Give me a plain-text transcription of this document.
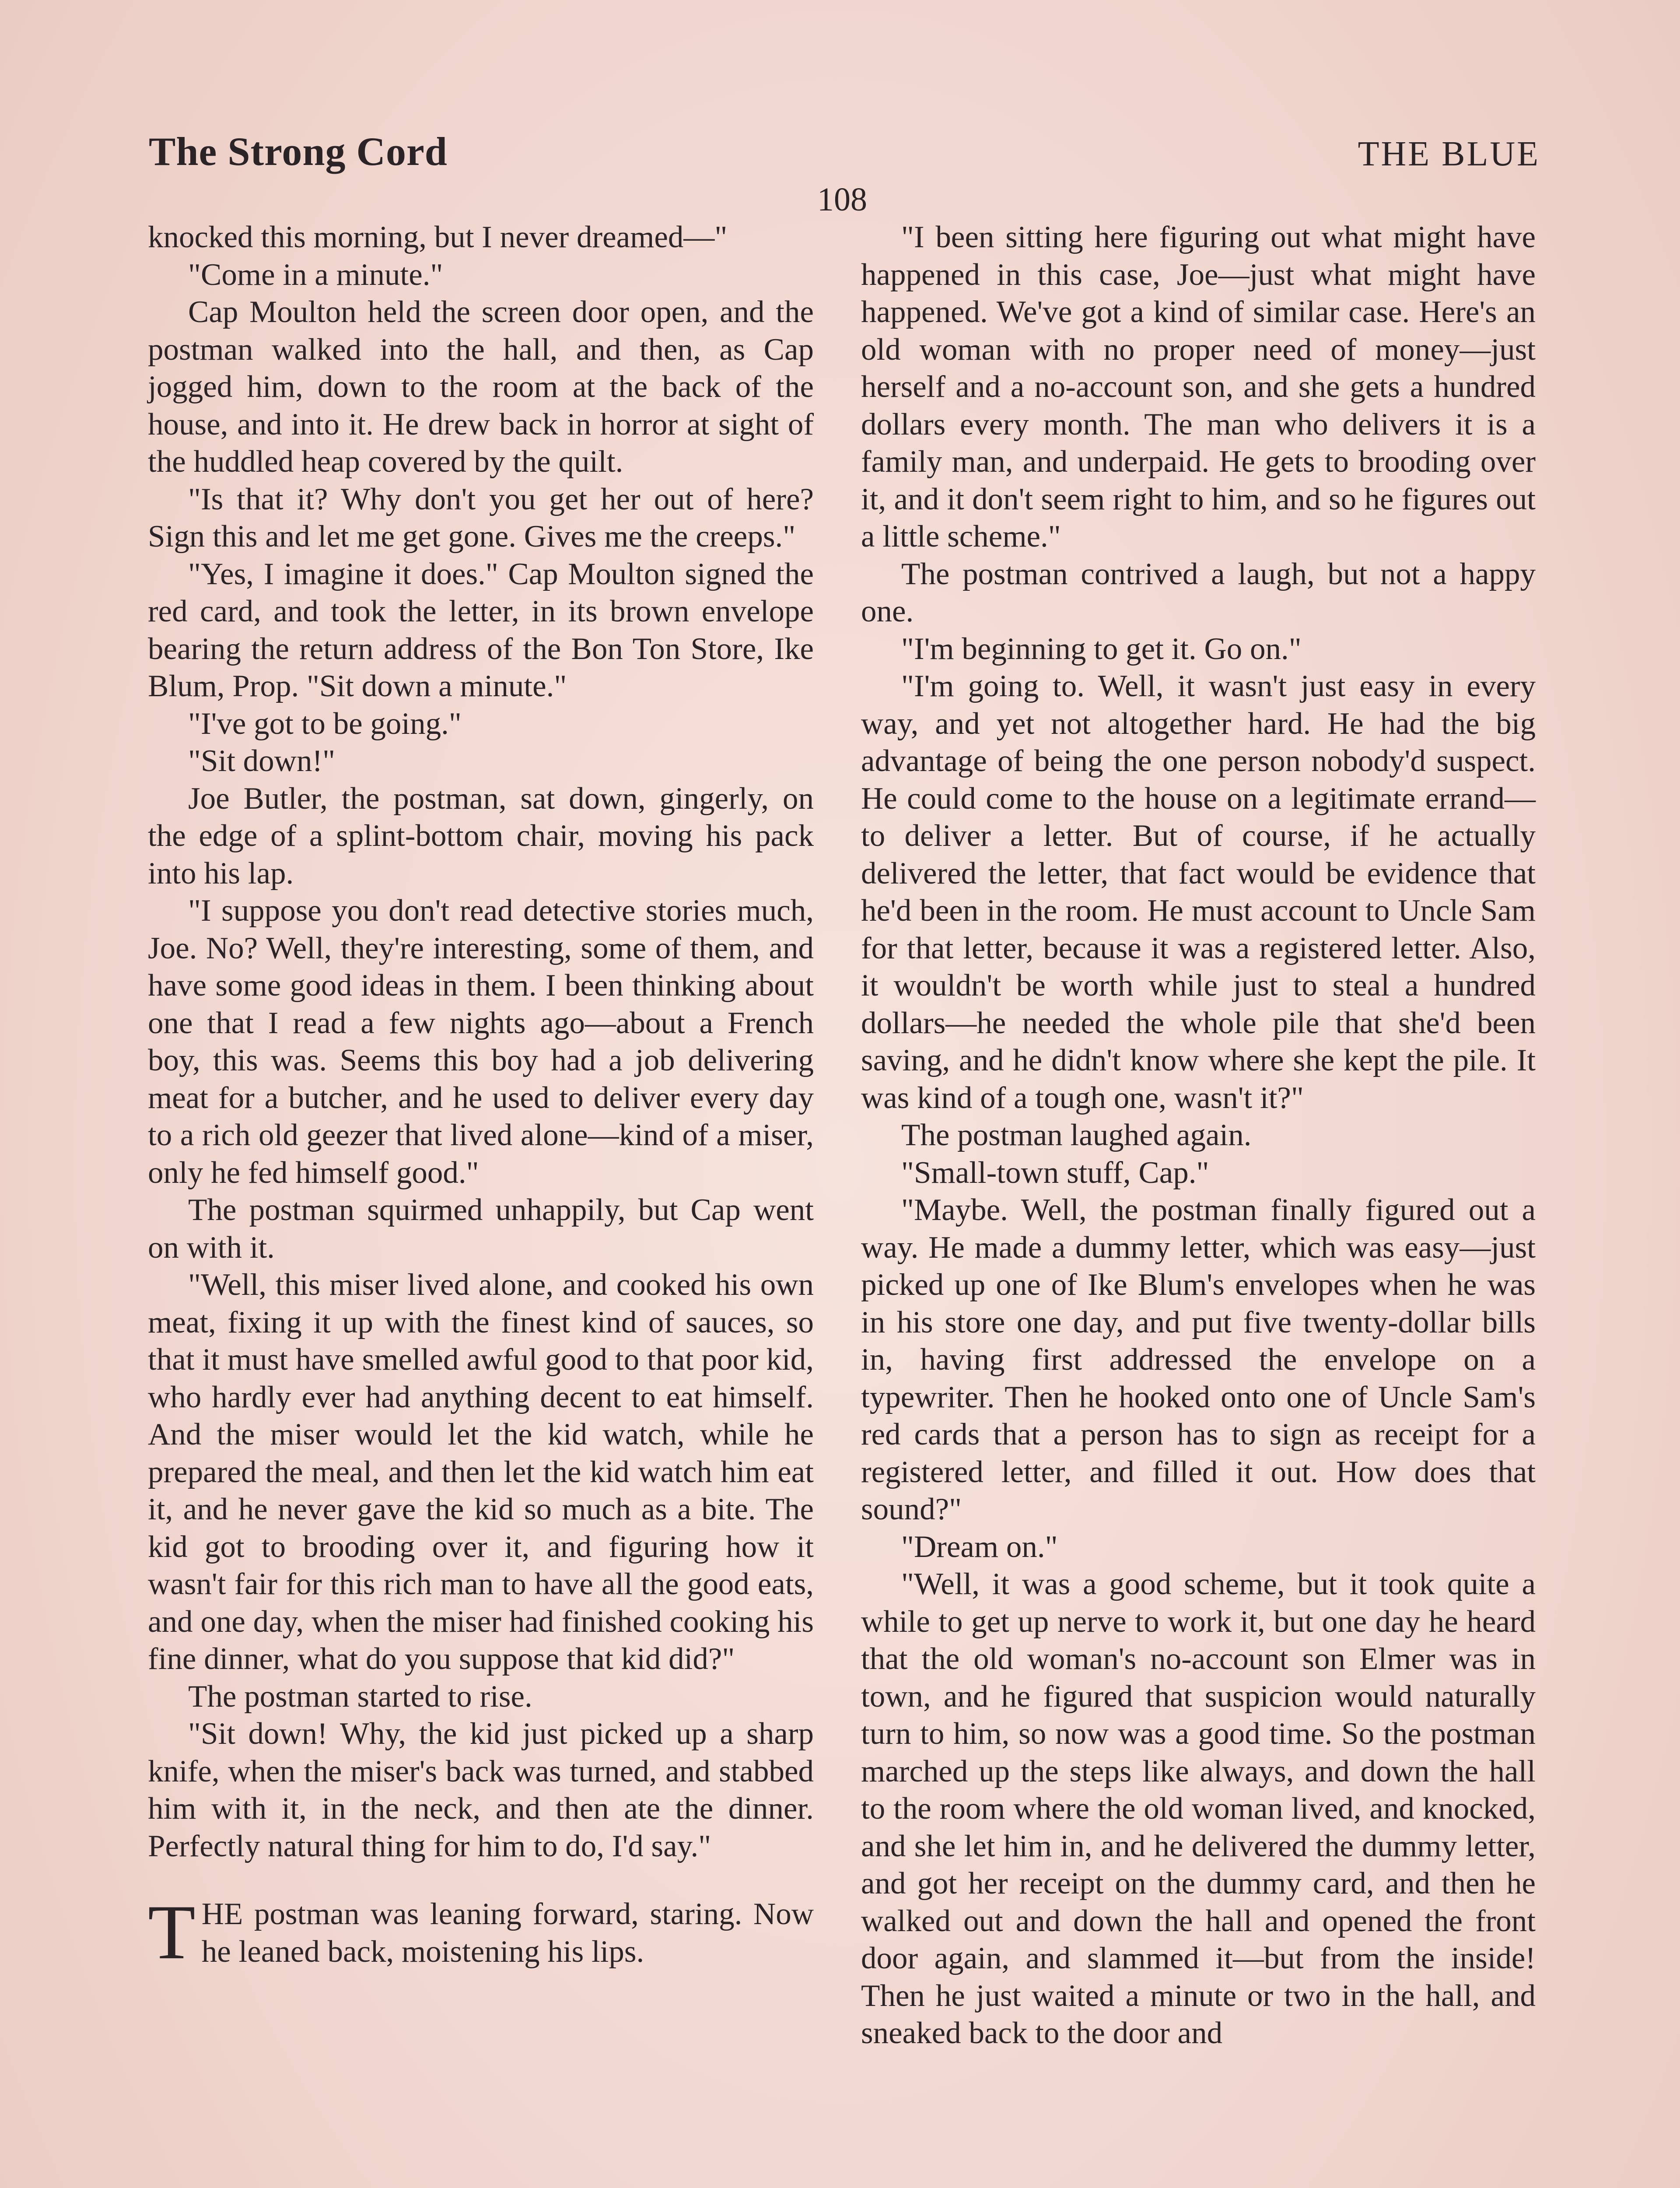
The Strong Cord	THE BLUE
108

knocked this morning, but I never dreamed—"

"Come in a minute."

Cap Moulton held the screen door open, and the postman walked into the hall, and then, as Cap jogged him, down to the room at the back of the house, and into it. He drew back in horror at sight of the huddled heap covered by the quilt.

"Is that it? Why don't you get her out of here? Sign this and let me get gone. Gives me the creeps."

"Yes, I imagine it does." Cap Moulton signed the red card, and took the letter, in its brown envelope bearing the return address of the Bon Ton Store, Ike Blum, Prop. "Sit down a minute."

"I've got to be going."

"Sit down!"

Joe Butler, the postman, sat down, gingerly, on the edge of a splint-bottom chair, moving his pack into his lap.

"I suppose you don't read detective stories much, Joe. No? Well, they're interesting, some of them, and have some good ideas in them. I been thinking about one that I read a few nights ago—about a French boy, this was. Seems this boy had a job delivering meat for a butcher, and he used to deliver every day to a rich old geezer that lived alone—kind of a miser, only he fed himself good."

The postman squirmed unhappily, but Cap went on with it.

"Well, this miser lived alone, and cooked his own meat, fixing it up with the finest kind of sauces, so that it must have smelled awful good to that poor kid, who hardly ever had anything decent to eat himself. And the miser would let the kid watch, while he prepared the meal, and then let the kid watch him eat it, and he never gave the kid so much as a bite. The kid got to brooding over it, and figuring how it wasn't fair for this rich man to have all the good eats, and one day, when the miser had finished cooking his fine dinner, what do you suppose that kid did?"

The postman started to rise.

"Sit down! Why, the kid just picked up a sharp knife, when the miser's back was turned, and stabbed him with it, in the neck, and then ate the dinner. Perfectly natural thing for him to do, I'd say."

THE postman was leaning forward, staring. Now he leaned back, moistening his lips.

"I been sitting here figuring out what might have happened in this case, Joe—just what might have happened. We've got a kind of similar case. Here's an old woman with no proper need of money—just herself and a no-account son, and she gets a hundred dollars every month. The man who delivers it is a family man, and underpaid. He gets to brooding over it, and it don't seem right to him, and so he figures out a little scheme."

The postman contrived a laugh, but not a happy one.

"I'm beginning to get it. Go on."

"I'm going to. Well, it wasn't just easy in every way, and yet not altogether hard. He had the big advantage of being the one person nobody'd suspect. He could come to the house on a legitimate errand—to deliver a letter. But of course, if he actually delivered the letter, that fact would be evidence that he'd been in the room. He must account to Uncle Sam for that letter, because it was a registered letter. Also, it wouldn't be worth while just to steal a hundred dollars—he needed the whole pile that she'd been saving, and he didn't know where she kept the pile. It was kind of a tough one, wasn't it?"

The postman laughed again.

"Small-town stuff, Cap."

"Maybe. Well, the postman finally figured out a way. He made a dummy letter, which was easy—just picked up one of Ike Blum's envelopes when he was in his store one day, and put five twenty-dollar bills in, having first addressed the envelope on a typewriter. Then he hooked onto one of Uncle Sam's red cards that a person has to sign as receipt for a registered letter, and filled it out. How does that sound?"

"Dream on."

"Well, it was a good scheme, but it took quite a while to get up nerve to work it, but one day he heard that the old woman's no-account son Elmer was in town, and he figured that suspicion would naturally turn to him, so now was a good time. So the postman marched up the steps like always, and down the hall to the room where the old woman lived, and knocked, and she let him in, and he delivered the dummy letter, and got her receipt on the dummy card, and then he walked out and down the hall and opened the front door again, and slammed it—but from the inside! Then he just waited a minute or two in the hall, and sneaked back to the door and
